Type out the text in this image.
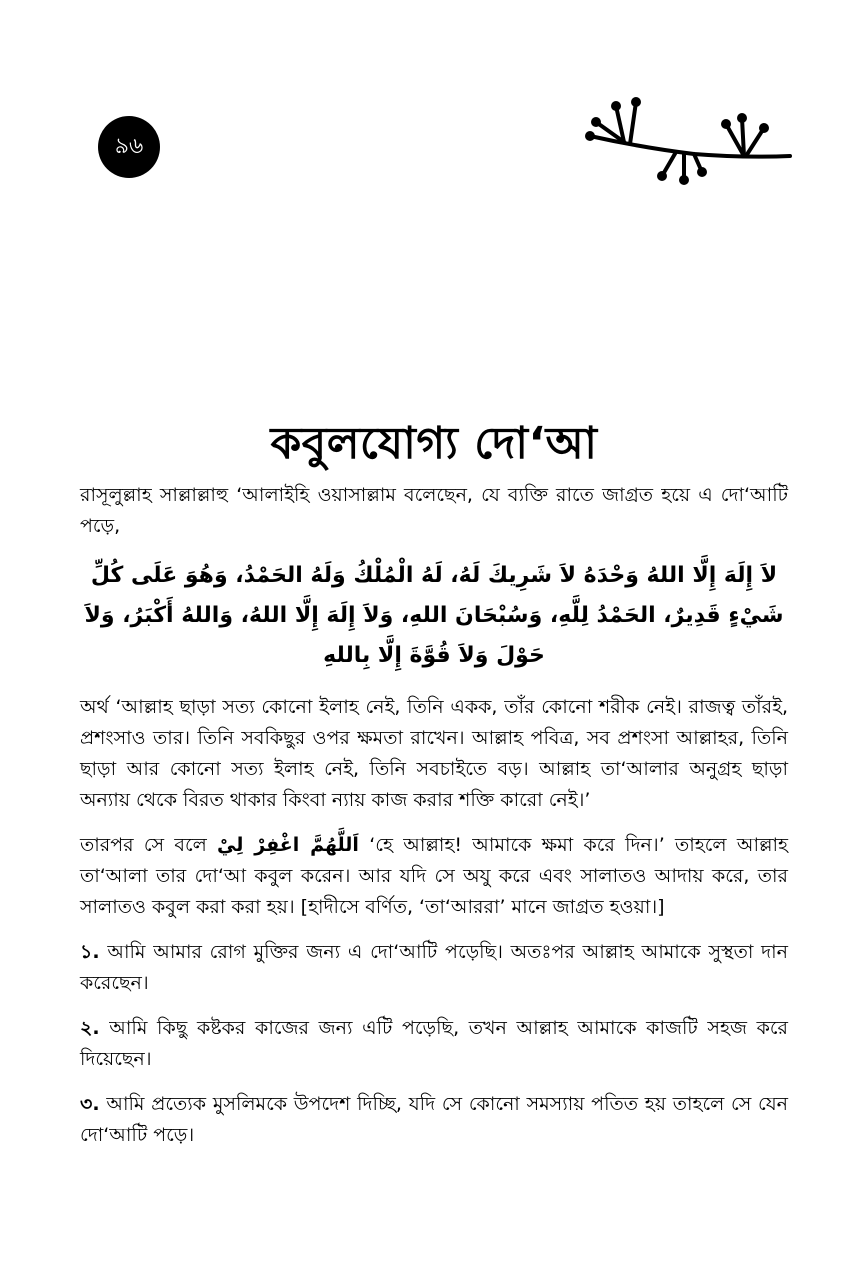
৯৬
কবুলযোগ্য দো‘আ

রাসূলুল্লাহ সাল্লাল্লাহু ‘আলাইহি ওয়াসাল্লাম বলেছেন, যে ব্যক্তি রাতে জাগ্রত হয়ে এ দো‘আটি পড়ে,

لاَ إِلَهَ إِلَّا اللهُ وَحْدَهُ لاَ شَرِيكَ لَهُ، لَهُ الْمُلْكُ وَلَهُ الحَمْدُ، وَهُوَ عَلَى كُلِّ شَيْءٍ قَدِيرٌ، الحَمْدُ لِلَّهِ، وَسُبْحَانَ اللهِ، وَلاَ إِلَهَ إِلَّا اللهُ، وَاللهُ أَكْبَرُ، وَلاَ حَوْلَ وَلاَ قُوَّةَ إِلَّا بِاللهِ

অর্থ ‘আল্লাহ ছাড়া সত্য কোনো ইলাহ নেই, তিনি একক, তাঁর কোনো শরীক নেই। রাজত্ব তাঁরই, প্রশংসাও তার। তিনি সবকিছুর ওপর ক্ষমতা রাখেন। আল্লাহ পবিত্র, সব প্রশংসা আল্লাহর, তিনি ছাড়া আর কোনো সত্য ইলাহ নেই, তিনি সবচাইতে বড়। আল্লাহ তা‘আলার অনুগ্রহ ছাড়া অন্যায় থেকে বিরত থাকার কিংবা ন্যায় কাজ করার শক্তি কারো নেই।’

তারপর সে বলে اَللَّهُمَّ اغْفِرْ لِيْ ‘হে আল্লাহ! আমাকে ক্ষমা করে দিন।’ তাহলে আল্লাহ তা‘আলা তার দো‘আ কবুল করেন। আর যদি সে অযু করে এবং সালাতও আদায় করে, তার সালাতও কবুল করা করা হয়। [হাদীসে বর্ণিত, ‘তা‘আররা’ মানে জাগ্রত হওয়া।]

১. আমি আমার রোগ মুক্তির জন্য এ দো‘আটি পড়েছি। অতঃপর আল্লাহ আমাকে সুস্থতা দান করেছেন।

২. আমি কিছু কষ্টকর কাজের জন্য এটি পড়েছি, তখন আল্লাহ আমাকে কাজটি সহজ করে দিয়েছেন।

৩. আমি প্রত্যেক মুসলিমকে উপদেশ দিচ্ছি, যদি সে কোনো সমস্যায় পতিত হয় তাহলে সে যেন দো‘আটি পড়ে।
